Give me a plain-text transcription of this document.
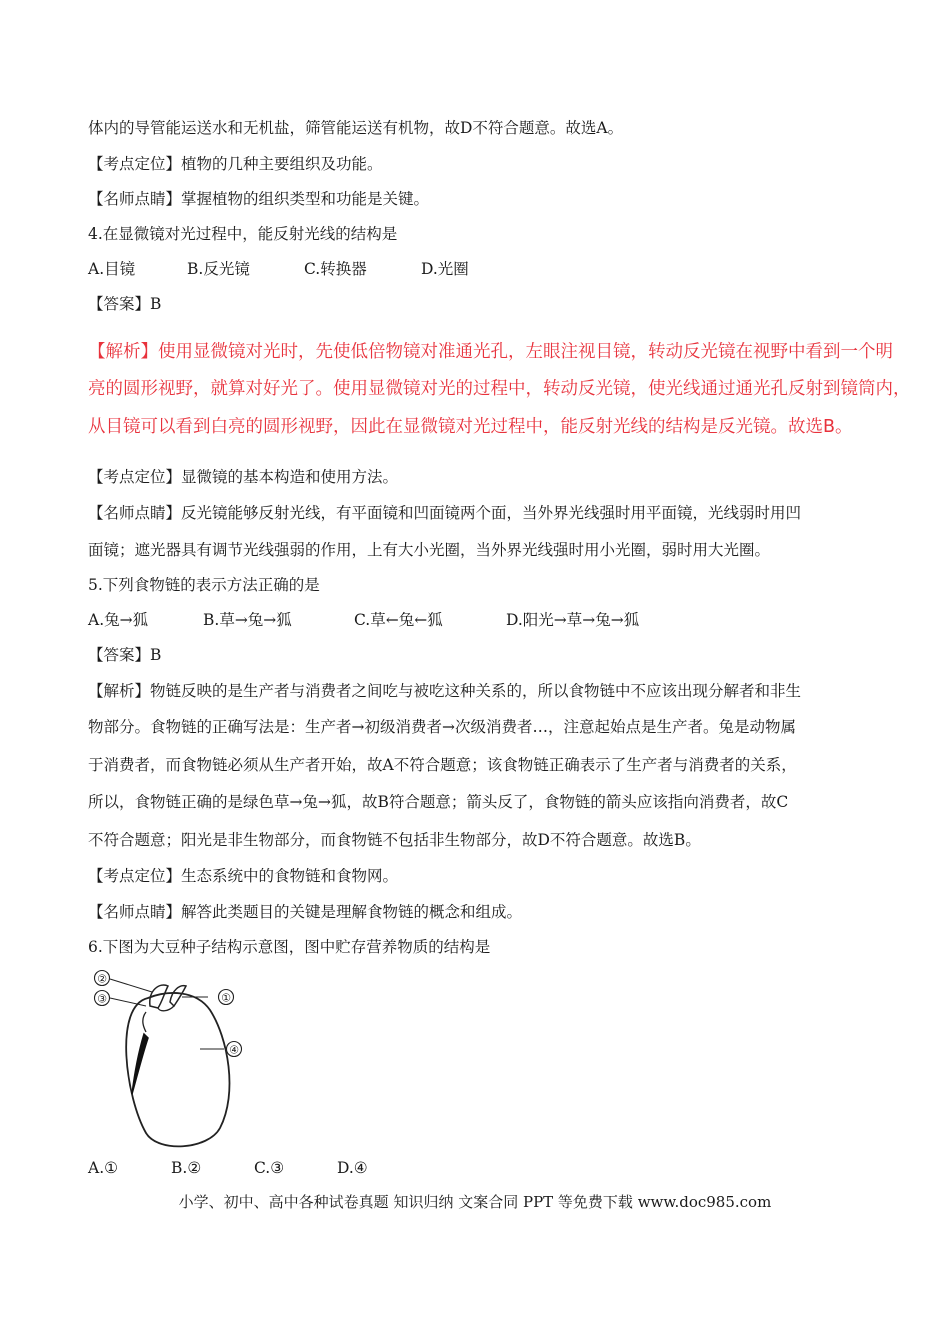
体内的导管能运送水和无机盐，筛管能运送有机物，故D不符合题意。故选A。
【考点定位】植物的几种主要组织及功能。
【名师点睛】掌握植物的组织类型和功能是关键。
4.在显微镜对光过程中，能反射光线的结构是
A.目镜	B.反光镜	C.转换器	D.光圈
【答案】B
【解析】使用显微镜对光时，先使低倍物镜对准通光孔，左眼注视目镜，转动反光镜在视野中看到一个明
亮的圆形视野，就算对好光了。使用显微镜对光的过程中，转动反光镜，使光线通过通光孔反射到镜筒内，
从目镜可以看到白亮的圆形视野，因此在显微镜对光过程中，能反射光线的结构是反光镜。故选B。
【考点定位】显微镜的基本构造和使用方法。
【名师点睛】反光镜能够反射光线，有平面镜和凹面镜两个面，当外界光线强时用平面镜，光线弱时用凹
面镜；遮光器具有调节光线强弱的作用，上有大小光圈，当外界光线强时用小光圈，弱时用大光圈。
5.下列食物链的表示方法正确的是
A.兔→狐	B.草→兔→狐	C.草←兔←狐	D.阳光→草→兔→狐
【答案】B
【解析】物链反映的是生产者与消费者之间吃与被吃这种关系的，所以食物链中不应该出现分解者和非生
物部分。食物链的正确写法是：生产者→初级消费者→次级消费者…，注意起始点是生产者。兔是动物属
于消费者，而食物链必须从生产者开始，故A不符合题意；该食物链正确表示了生产者与消费者的关系，
所以，食物链正确的是绿色草→兔→狐，故B符合题意；箭头反了，食物链的箭头应该指向消费者，故C
不符合题意；阳光是非生物部分，而食物链不包括非生物部分，故D不符合题意。故选B。
【考点定位】生态系统中的食物链和食物网。
【名师点睛】解答此类题目的关键是理解食物链的概念和组成。
6.下图为大豆种子结构示意图，图中贮存营养物质的结构是
②
③	①
④
A.①	B.②	C.③	D.④
小学、初中、高中各种试卷真题 知识归纳 文案合同 PPT 等免费下载 www.doc985.com
